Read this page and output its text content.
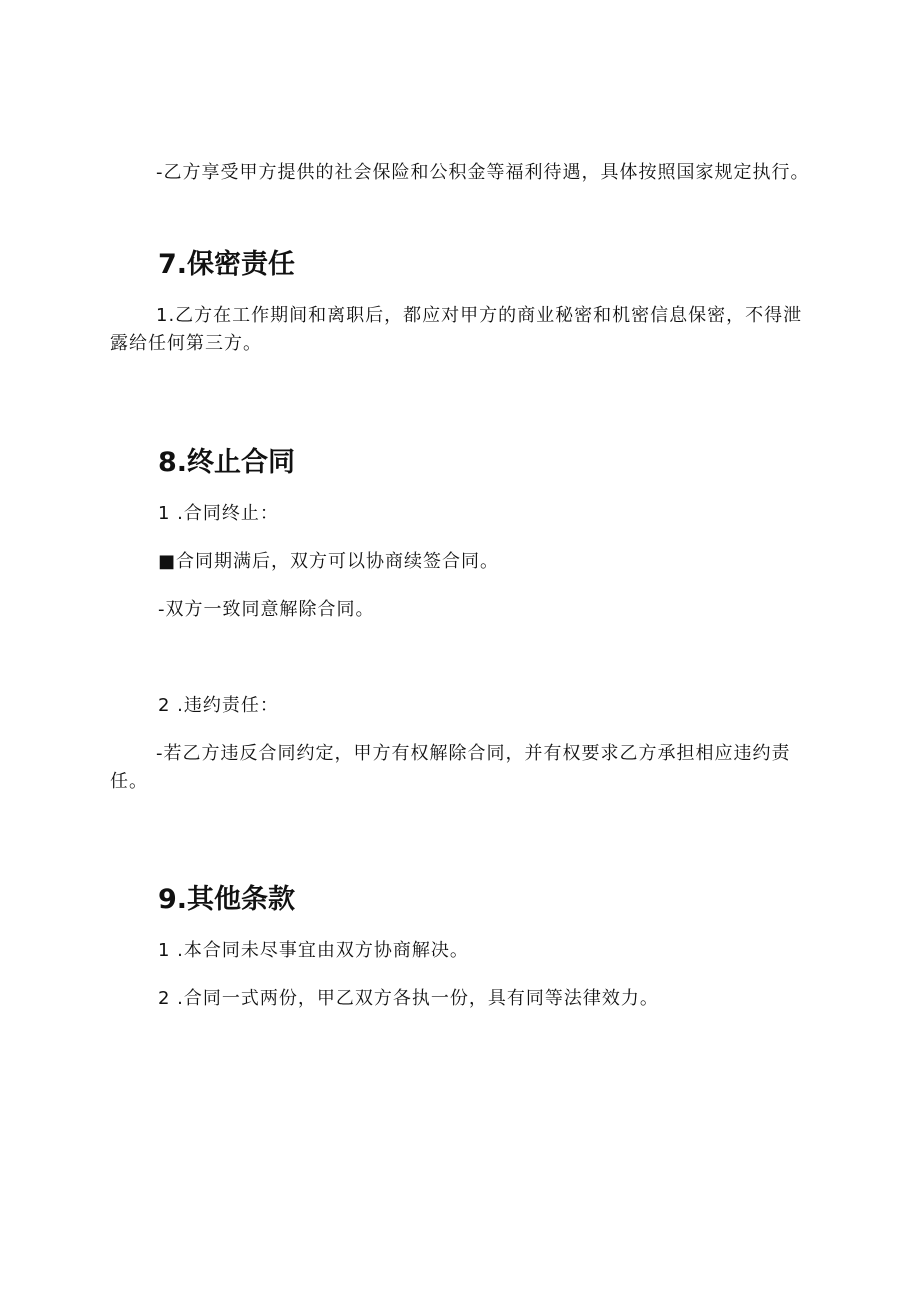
-乙方享受甲方提供的社会保险和公积金等福利待遇，具体按照国家规定执行。

7.保密责任

1.乙方在工作期间和离职后，都应对甲方的商业秘密和机密信息保密，不得泄露给任何第三方。

8.终止合同

1 .合同终止：

■合同期满后，双方可以协商续签合同。

-双方一致同意解除合同。

2 .违约责任：

-若乙方违反合同约定，甲方有权解除合同，并有权要求乙方承担相应违约责任。

9.其他条款

1 .本合同未尽事宜由双方协商解决。

2 .合同一式两份，甲乙双方各执一份，具有同等法律效力。
